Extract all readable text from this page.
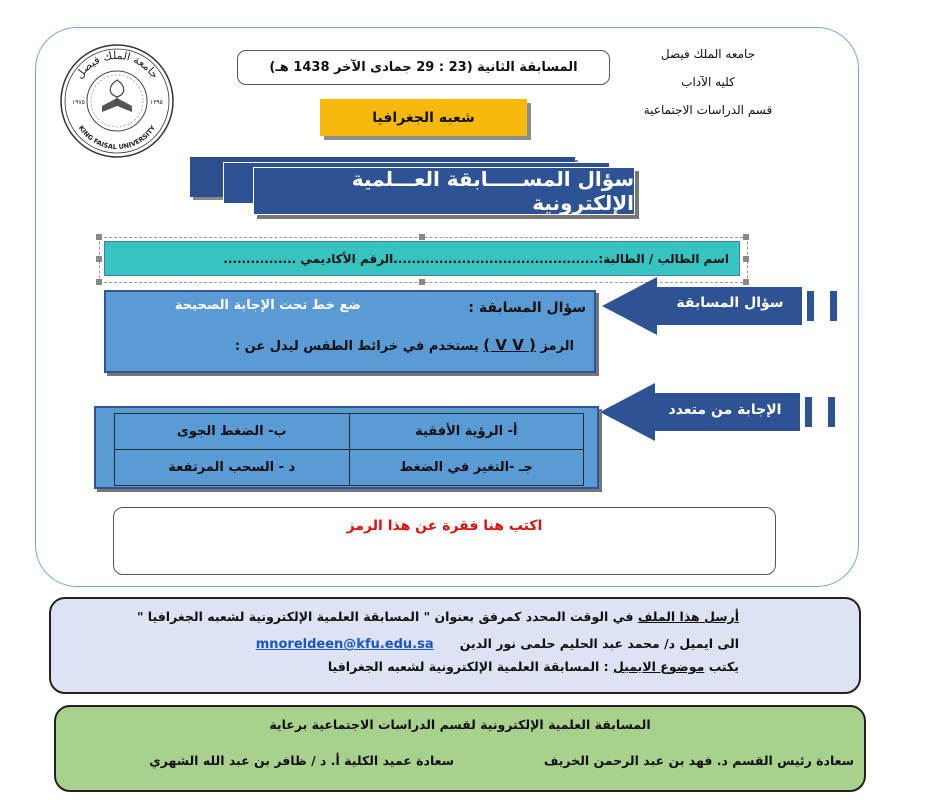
جامعة الملك فيصل
KING FAISAL UNIVERSITY
١٩٧٥	١٣٩٥
جامعه الملك فيصل
كليه الآداب
قسم الدراسات الاجتماعية
المسابقة الثانية (23 : 29 جمادى الآخر 1438 هـ)
شعبه الجغرافيا
سؤال المســـــابقة العـــلمية الإلكترونية
اسم الطالب / الطالبة:.............................................الرقم الأكاديمي ................
سؤال المسابقة
سؤال المسابقة :
ضع خط تحت الإجابة الصحيحة
الرمز ( V V ) يستخدم في خرائط الطقس ليدل عن :
الإجابة من متعدد
أ- الرؤية الأفقية	ب- الضغط الجوى
جـ -التغير في الضغط	د - السحب المرتفعة
اكتب هنا فقرة عن هذا الرمز
أرسل هذا الملف في الوقت المحدد كمرفق بعنوان " المسابقة العلمية الإلكترونية لشعبه الجغرافيا "
الى ايميل د/ محمد عبد الحليم حلمى نور الدين      mnoreldeen@kfu.edu.sa
يكتب موضوع الايميل : المسابقة العلمية الإلكترونية لشعبه الجغرافيا
المسابقة العلمية الإلكترونية لقسم الدراسات الاجتماعية برعاية
سعادة رئيس القسم د. فهد بن عبد الرحمن الخريف
سعادة عميد الكلية أ. د / ظافر بن عبد الله الشهري
